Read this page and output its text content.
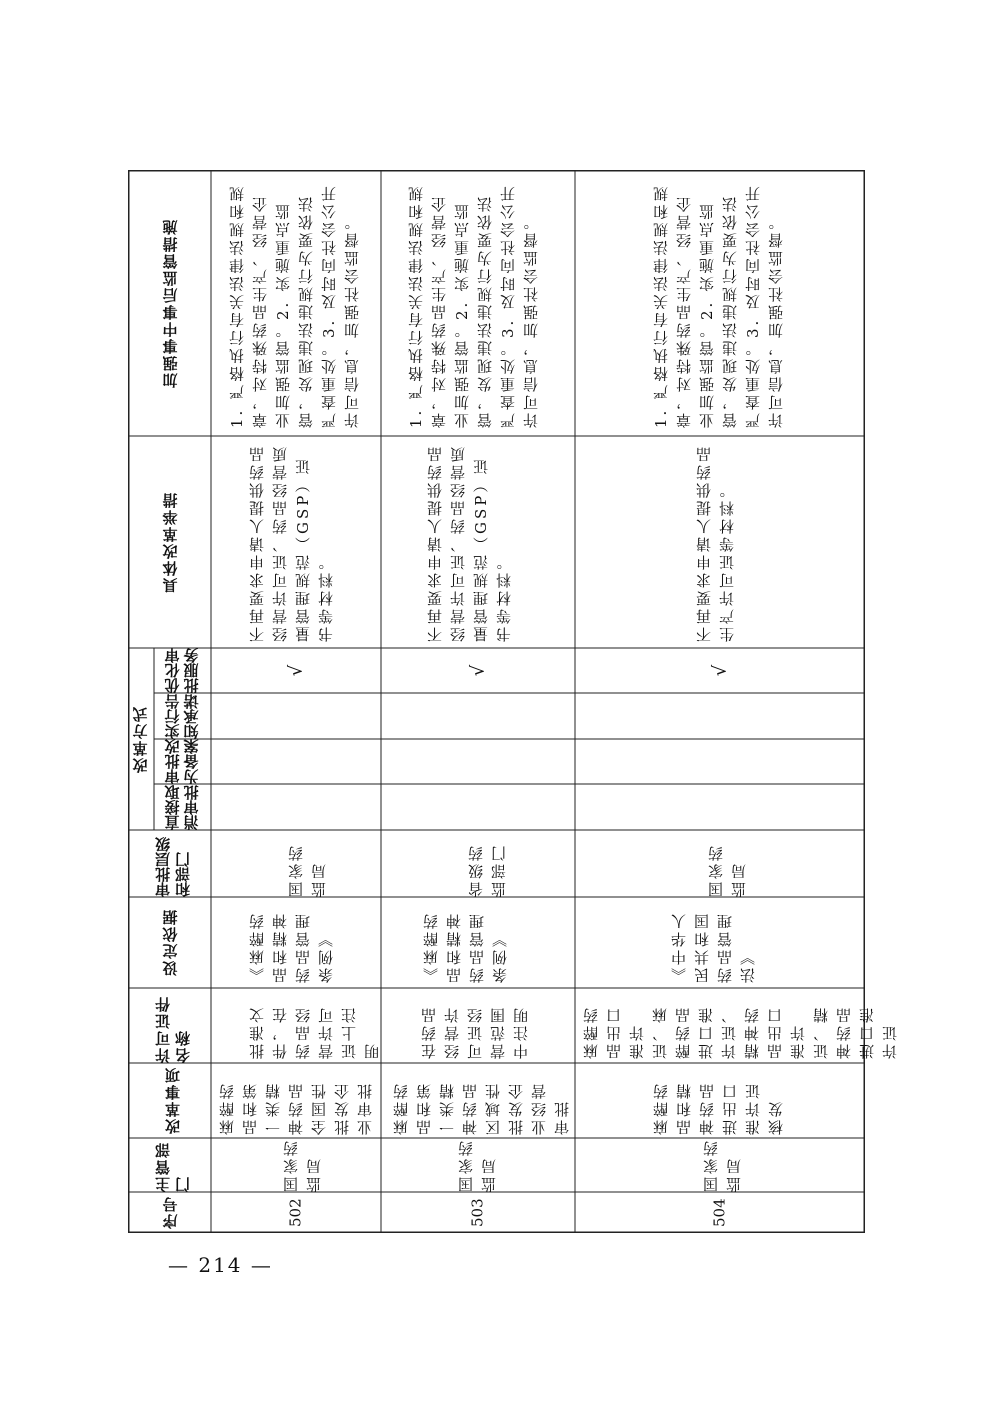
加强事中事后监管措施
具体改革举措
改革方式
优化审批服务
实行告知承诺
审批改为备案
直接取消审批
审批层级和部门
设定依据
许可证件名称
改革事项
主管部门
序号
1. 严格执行有关法律法规和规章，对特殊药品生产、经营企业加强监管。2. 实施重点监管，发现违法违规行为要依法严查重处。3. 及时向社会公开许可信息，加强社会监督。
不再要求申请人提供药品经营许可证、药品经营质量管理规范（GSP）证书等材料。
√
国家药监局
《麻醉药品和精神药品管理条例》
批准文件，在药品经营许可证上注明
麻醉药品和第一类精神药品全国性批发企业审批
国家药监局
502
1. 严格执行有关法律法规和规章，对特殊药品生产、经营企业加强监管。2. 实施重点监管，发现违法违规行为要依法严查重处。3. 及时向社会公开许可信息，加强社会监督。
不再要求申请人提供药品经营许可证、药品经营质量管理规范（GSP）证书等材料。
√
省级药监部门
《麻醉药品和精神药品管理条例》
在药品经营许可证经营范围中注明
麻醉药品和第一类精神药品区域性批发企业经营审批
国家药监局
503
1. 严格执行有关法律法规和规章，对特殊药品生产、经营企业加强监管。2. 实施重点监管，发现违法违规行为要依法严查重处。3. 及时向社会公开许可信息，加强社会监督。
不再要求申请人提供药品生产许可证等材料。
√
国家药监局
《中华人民共和国药品管理法》
麻醉药品出口准许证、麻醉药品进口准许证、精神药品出口准许证、精神药品进口准许证
麻醉药品和精神药品进出口准许证核发
国家药监局
504
— 214 —
